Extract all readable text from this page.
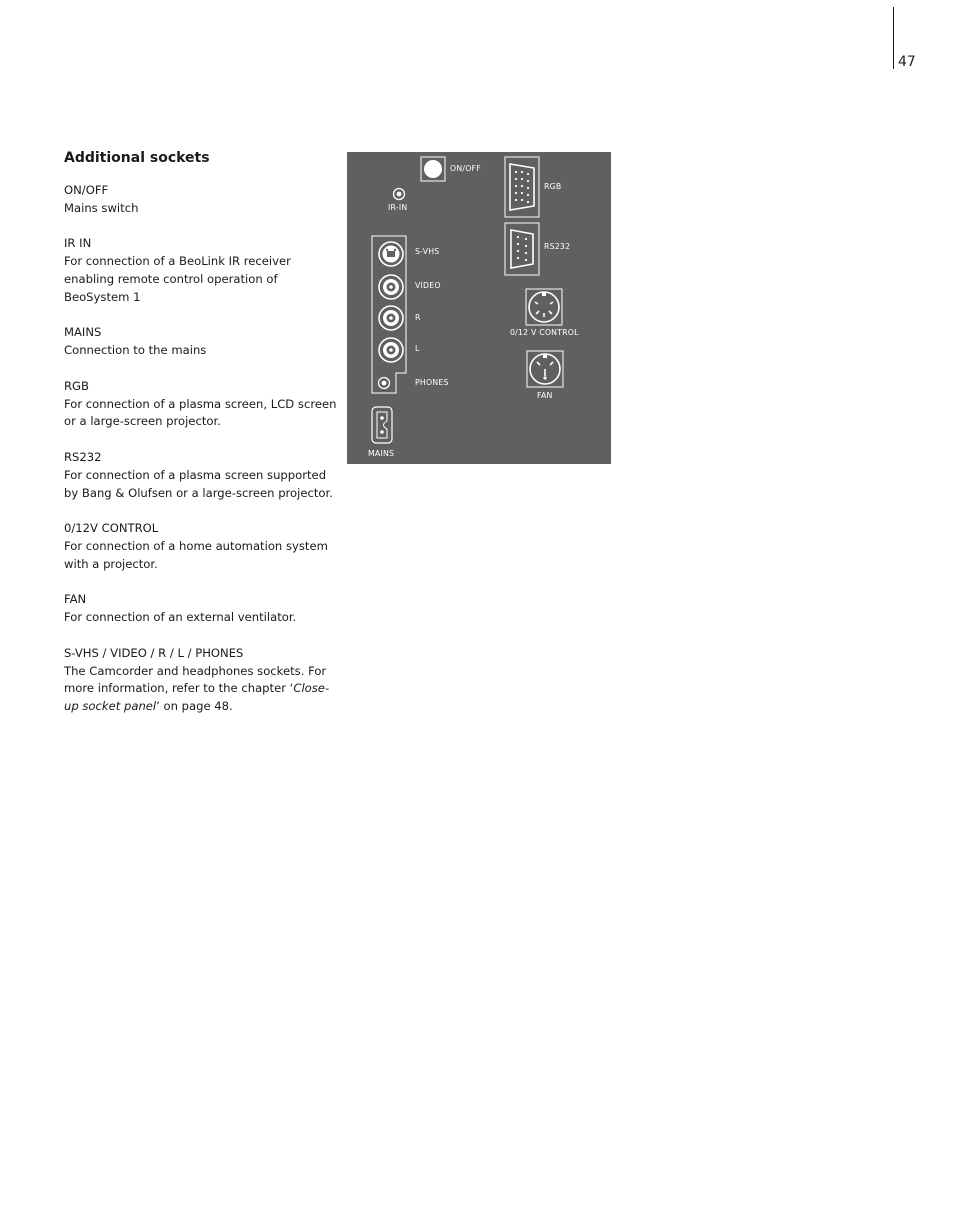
47
Additional sockets
ON/OFF
Mains switch
IR IN
For connection of a BeoLink IR receiver enabling remote control operation of BeoSystem 1
MAINS
Connection to the mains
RGB
For connection of a plasma screen, LCD screen or a large-screen projector.
RS232
For connection of a plasma screen supported by Bang & Olufsen or a large-screen projector.
0/12V CONTROL
For connection of a home automation system with a projector.
FAN
For connection of an external ventilator.
S-VHS / VIDEO / R / L / PHONES
The Camcorder and headphones sockets. For more information, refer to the chapter ‘Close-up socket panel’ on page 48.
ON/OFF
IR-IN
S-VHS
VIDEO
R
L
PHONES
MAINS
RGB
RS232
0/12 V CONTROL
FAN
